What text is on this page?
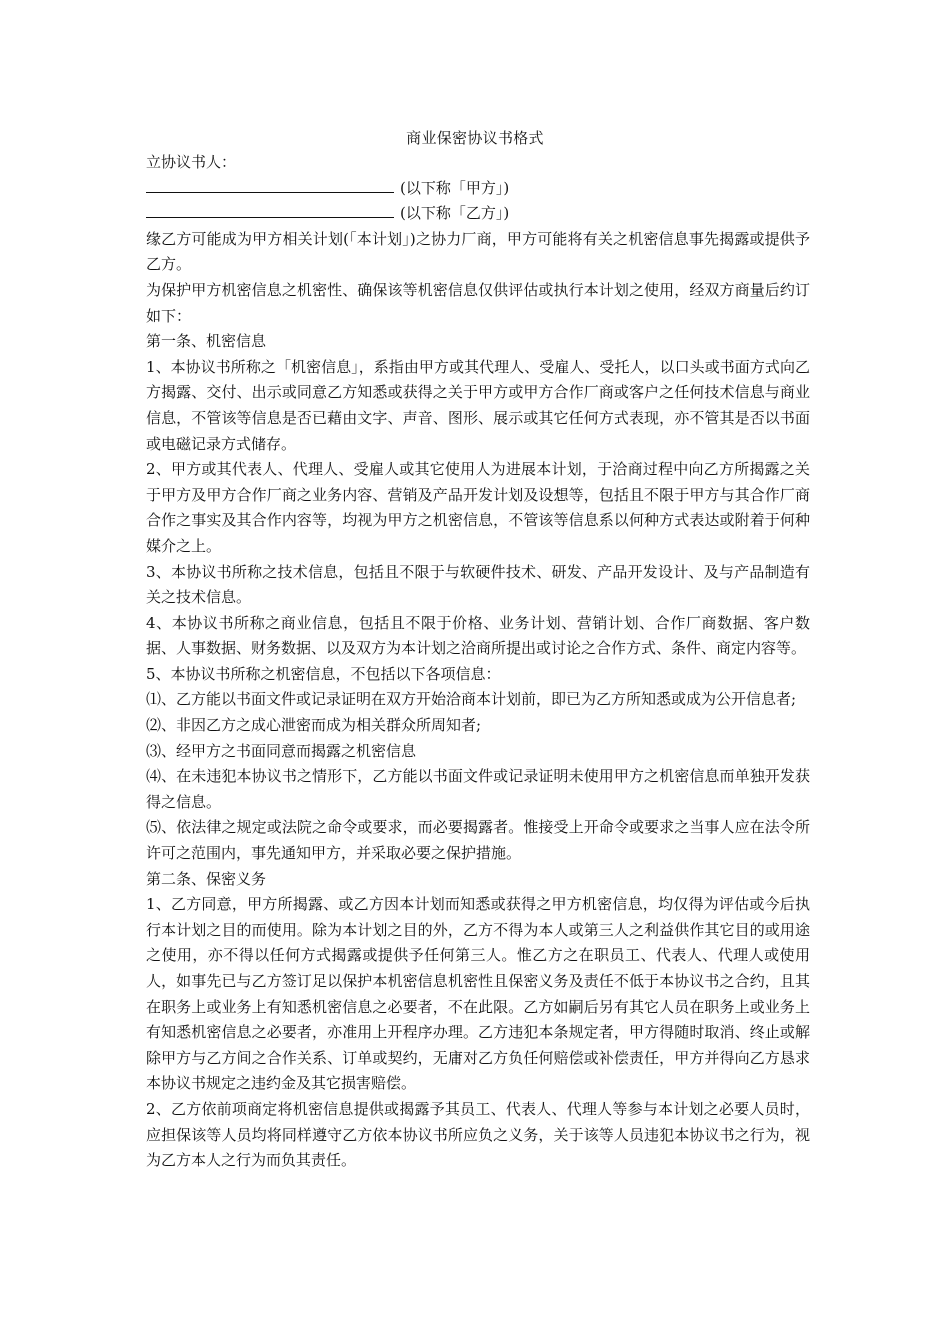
商业保密协议书格式

立协议书人：

(以下称「甲方」)

(以下称「乙方」)

缘乙方可能成为甲方相关计划(「本计划」)之协力厂商，甲方可能将有关之机密信息事先揭露或提供予乙方。

为保护甲方机密信息之机密性、确保该等机密信息仅供评估或执行本计划之使用，经双方商量后约订如下：

第一条、机密信息

1、本协议书所称之「机密信息」，系指由甲方或其代理人、受雇人、受托人，以口头或书面方式向乙方揭露、交付、出示或同意乙方知悉或获得之关于甲方或甲方合作厂商或客户之任何技术信息与商业信息，不管该等信息是否已藉由文字、声音、图形、展示或其它任何方式表现，亦不管其是否以书面或电磁记录方式储存。

2、甲方或其代表人、代理人、受雇人或其它使用人为进展本计划，于洽商过程中向乙方所揭露之关于甲方及甲方合作厂商之业务内容、营销及产品开发计划及设想等，包括且不限于甲方与其合作厂商合作之事实及其合作内容等，均视为甲方之机密信息，不管该等信息系以何种方式表达或附着于何种媒介之上。

3、本协议书所称之技术信息，包括且不限于与软硬件技术、研发、产品开发设计、及与产品制造有关之技术信息。

4、本协议书所称之商业信息，包括且不限于价格、业务计划、营销计划、合作厂商数据、客户数据、人事数据、财务数据、以及双方为本计划之洽商所提出或讨论之合作方式、条件、商定内容等。

5、本协议书所称之机密信息，不包括以下各项信息：

⑴、乙方能以书面文件或记录证明在双方开始洽商本计划前，即已为乙方所知悉或成为公开信息者;

⑵、非因乙方之成心泄密而成为相关群众所周知者;

⑶、经甲方之书面同意而揭露之机密信息

⑷、在未违犯本协议书之情形下，乙方能以书面文件或记录证明未使用甲方之机密信息而单独开发获得之信息。

⑸、依法律之规定或法院之命令或要求，而必要揭露者。惟接受上开命令或要求之当事人应在法令所许可之范围内，事先通知甲方，并采取必要之保护措施。

第二条、保密义务

1、乙方同意，甲方所揭露、或乙方因本计划而知悉或获得之甲方机密信息，均仅得为评估或今后执行本计划之目的而使用。除为本计划之目的外，乙方不得为本人或第三人之利益供作其它目的或用途之使用，亦不得以任何方式揭露或提供予任何第三人。惟乙方之在职员工、代表人、代理人或使用人，如事先已与乙方签订足以保护本机密信息机密性且保密义务及责任不低于本协议书之合约，且其在职务上或业务上有知悉机密信息之必要者，不在此限。乙方如嗣后另有其它人员在职务上或业务上有知悉机密信息之必要者，亦准用上开程序办理。乙方违犯本条规定者，甲方得随时取消、终止或解除甲方与乙方间之合作关系、订单或契约，无庸对乙方负任何赔偿或补偿责任，甲方并得向乙方恳求本协议书规定之违约金及其它损害赔偿。

2、乙方依前项商定将机密信息提供或揭露予其员工、代表人、代理人等参与本计划之必要人员时，应担保该等人员均将同样遵守乙方依本协议书所应负之义务，关于该等人员违犯本协议书之行为，视为乙方本人之行为而负其责任。
